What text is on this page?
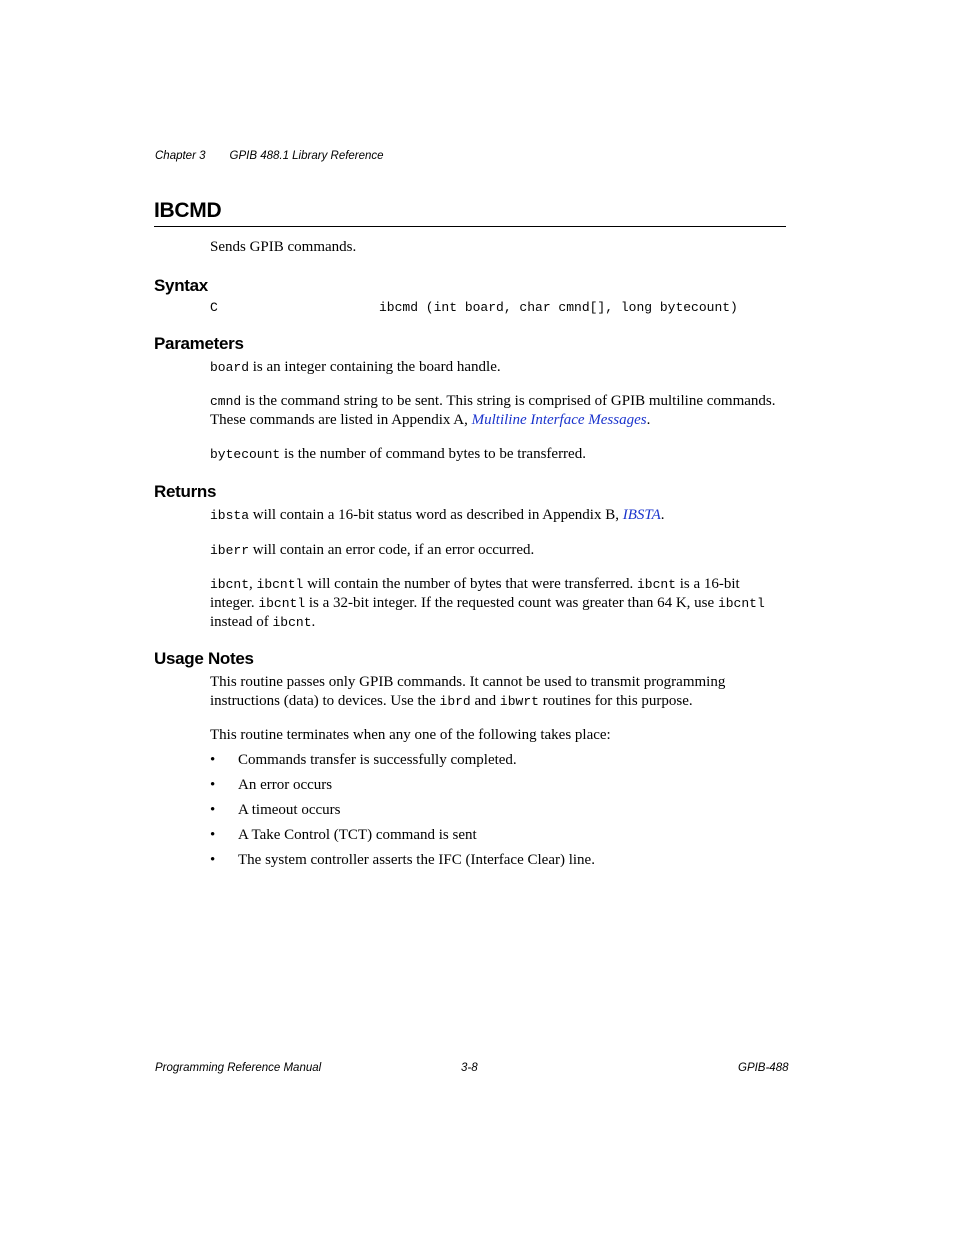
Chapter 3 GPIB 488.1 Library Reference
IBCMD
Sends GPIB commands.
Syntax
C	ibcmd (int board, char cmnd[], long bytecount)
Parameters
board is an integer containing the board handle.
cmnd is the command string to be sent. This string is comprised of GPIB multiline commands.
These commands are listed in Appendix A, Multiline Interface Messages.
bytecount is the number of command bytes to be transferred.
Returns
ibsta will contain a 16-bit status word as described in Appendix B, IBSTA.
iberr will contain an error code, if an error occurred.
ibcnt, ibcntl will contain the number of bytes that were transferred. ibcnt is a 16-bit
integer. ibcntl is a 32-bit integer. If the requested count was greater than 64 K, use ibcntl
instead of ibcnt.
Usage Notes
This routine passes only GPIB commands. It cannot be used to transmit programming
instructions (data) to devices. Use the ibrd and ibwrt routines for this purpose.
This routine terminates when any one of the following takes place:
• Commands transfer is successfully completed.
• An error occurs
• A timeout occurs
• A Take Control (TCT) command is sent
• The system controller asserts the IFC (Interface Clear) line.
Programming Reference Manual	3-8	GPIB-488
